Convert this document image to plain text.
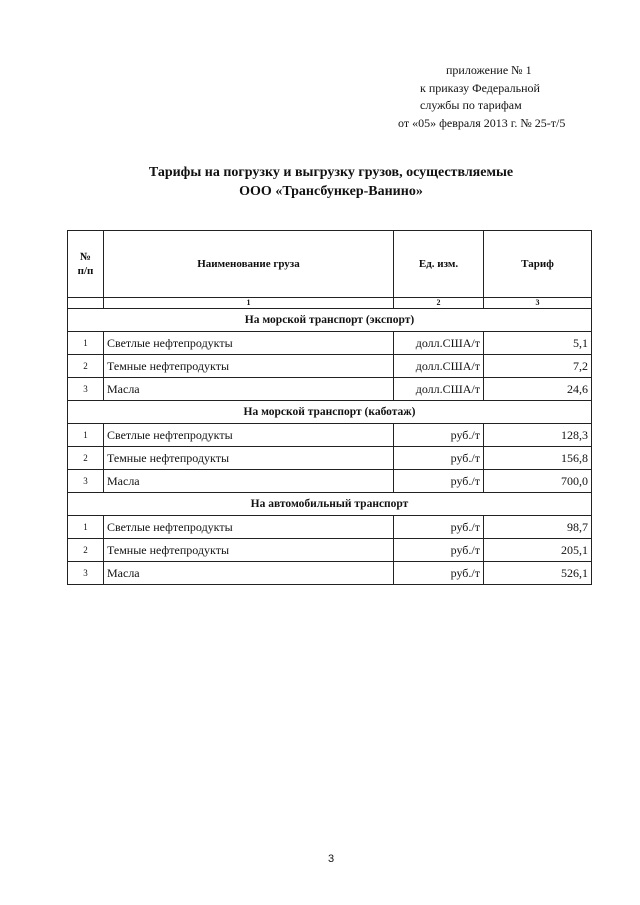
приложение № 1
к приказу Федеральной
службы по тарифам
от «05» февраля 2013 г. № 25-т/5
Тарифы на погрузку и выгрузку грузов, осуществляемые
ООО «Трансбункер-Ванино»
№
п/п	Наименование груза	Ед. изм.	Тариф
	1	2	3
На морской транспорт (экспорт)			
1	Светлые нефтепродукты	долл.США/т	5,1
2	Темные нефтепродукты	долл.США/т	7,2
3	Масла	долл.США/т	24,6
На морской транспорт (каботаж)			
1	Светлые нефтепродукты	руб./т	128,3
2	Темные нефтепродукты	руб./т	156,8
3	Масла	руб./т	700,0
На автомобильный транспорт			
1	Светлые нефтепродукты	руб./т	98,7
2	Темные нефтепродукты	руб./т	205,1
3	Масла	руб./т	526,1
3
